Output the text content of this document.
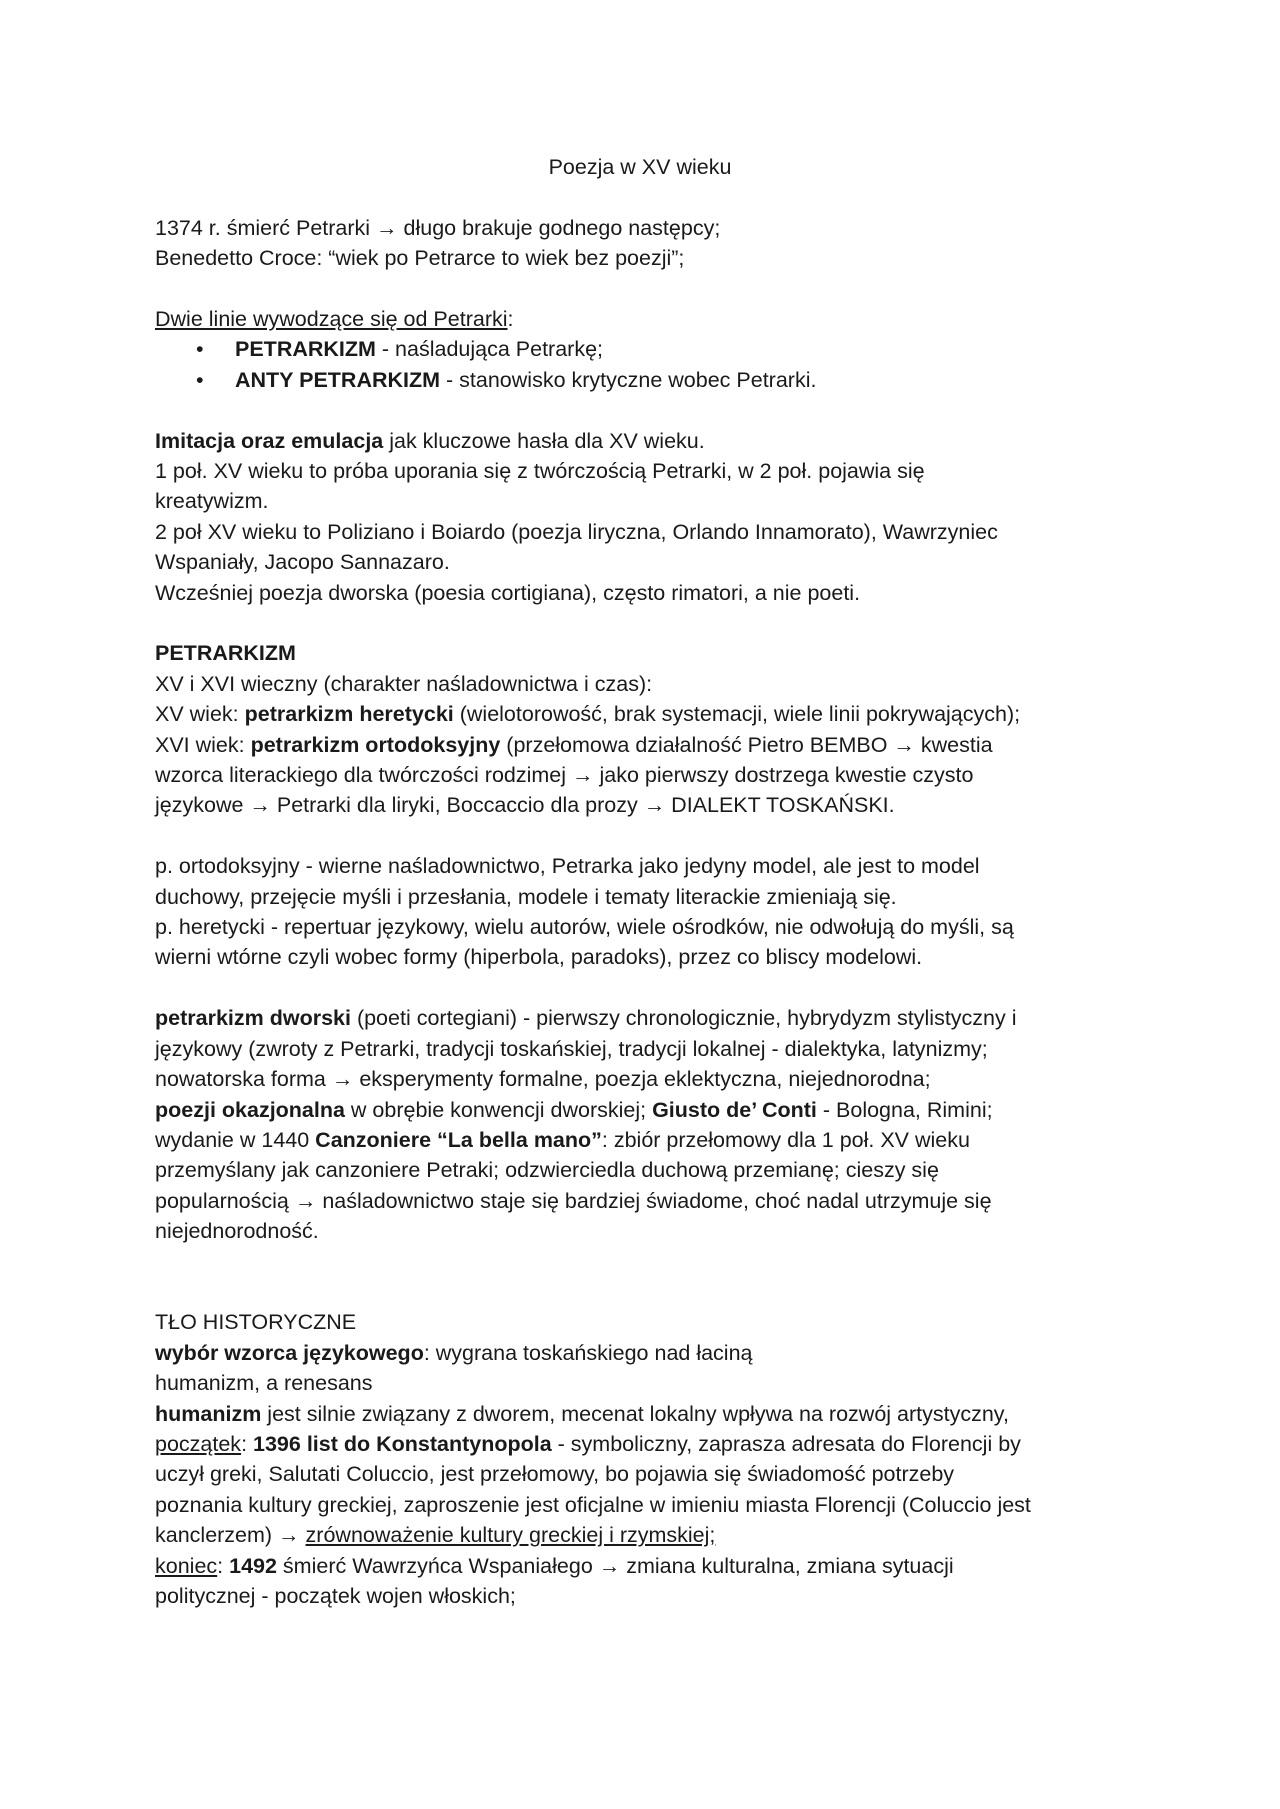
Poezja w XV wieku
1374 r. śmierć Petrarki → długo brakuje godnego następcy;
Benedetto Croce: “wiek po Petrarce to wiek bez poezji”;
Dwie linie wywodzące się od Petrarki:
• PETRARKIZM - naśladująca Petrarkę;
• ANTY PETRARKIZM - stanowisko krytyczne wobec Petrarki.
Imitacja oraz emulacja jak kluczowe hasła dla XV wieku.
1 poł. XV wieku to próba uporania się z twórczością Petrarki, w 2 poł. pojawia się
kreatywizm.
2 poł XV wieku to Poliziano i Boiardo (poezja liryczna, Orlando Innamorato), Wawrzyniec
Wspaniały, Jacopo Sannazaro.
Wcześniej poezja dworska (poesia cortigiana), często rimatori, a nie poeti.
PETRARKIZM
XV i XVI wieczny (charakter naśladownictwa i czas):
XV wiek: petrarkizm heretycki (wielotorowość, brak systemacji, wiele linii pokrywających);
XVI wiek: petrarkizm ortodoksyjny (przełomowa działalność Pietro BEMBO → kwestia
wzorca literackiego dla twórczości rodzimej → jako pierwszy dostrzega kwestie czysto
językowe → Petrarki dla liryki, Boccaccio dla prozy → DIALEKT TOSKAŃSKI.
p. ortodoksyjny - wierne naśladownictwo, Petrarka jako jedyny model, ale jest to model
duchowy, przejęcie myśli i przesłania, modele i tematy literackie zmieniają się.
p. heretycki - repertuar językowy, wielu autorów, wiele ośrodków, nie odwołują do myśli, są
wierni wtórne czyli wobec formy (hiperbola, paradoks), przez co bliscy modelowi.
petrarkizm dworski (poeti cortegiani) - pierwszy chronologicznie, hybrydyzm stylistyczny i
językowy (zwroty z Petrarki, tradycji toskańskiej, tradycji lokalnej - dialektyka, latynizmy;
nowatorska forma → eksperymenty formalne, poezja eklektyczna, niejednorodna;
poezji okazjonalna w obrębie konwencji dworskiej; Giusto de’ Conti - Bologna, Rimini;
wydanie w 1440 Canzoniere “La bella mano”: zbiór przełomowy dla 1 poł. XV wieku
przemyślany jak canzoniere Petraki; odzwierciedla duchową przemianę; cieszy się
popularnością → naśladownictwo staje się bardziej świadome, choć nadal utrzymuje się
niejednorodność.
TŁO HISTORYCZNE
wybór wzorca językowego: wygrana toskańskiego nad łaciną
humanizm, a renesans
humanizm jest silnie związany z dworem, mecenat lokalny wpływa na rozwój artystyczny,
początek: 1396 list do Konstantynopola - symboliczny, zaprasza adresata do Florencji by
uczył greki, Salutati Coluccio, jest przełomowy, bo pojawia się świadomość potrzeby
poznania kultury greckiej, zaproszenie jest oficjalne w imieniu miasta Florencji (Coluccio jest
kanclerzem) → zrównoważenie kultury greckiej i rzymskiej;
koniec: 1492 śmierć Wawrzyńca Wspaniałego → zmiana kulturalna, zmiana sytuacji
politycznej - początek wojen włoskich;
